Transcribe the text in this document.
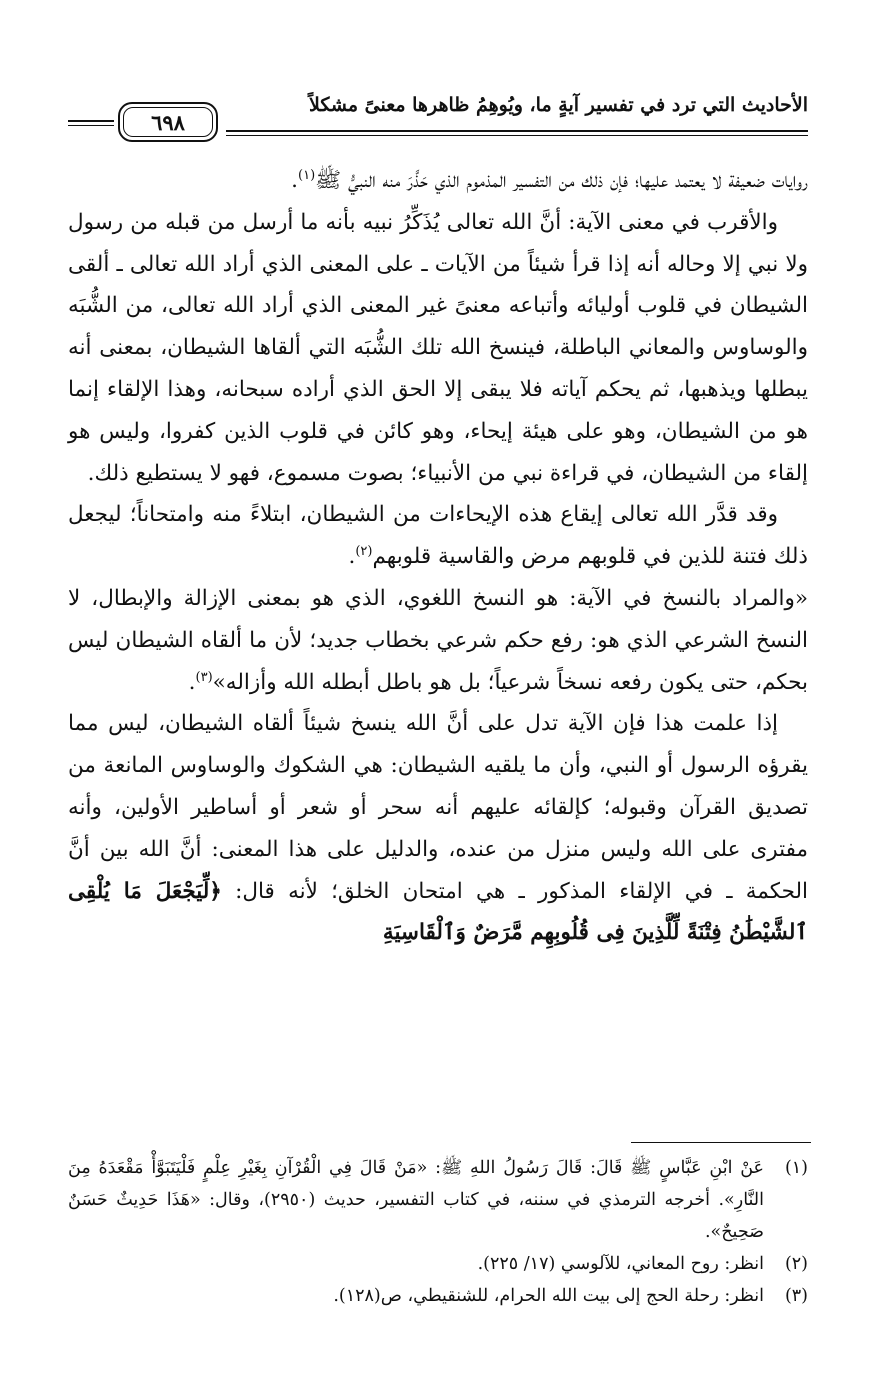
الأحاديث التي ترد في تفسير آيةٍ ما، ويُوهِمُ ظاهرها معنىً مشكلاً
٦٩٨

روايات ضعيفة لا يعتمد عليها؛ فإن ذلك من التفسير المذموم الذي حَذَّرَ منه النبيُّ ﷺ$^{(١)}$.

والأقرب في معنى الآية: أنَّ الله تعالى يُذَكِّرُ نبيه بأنه ما أرسل من قبله من رسول ولا نبي إلا وحاله أنه إذا قرأ شيئاً من الآيات ـ على المعنى الذي أراد الله تعالى ـ ألقى الشيطان في قلوب أوليائه وأتباعه معنىً غير المعنى الذي أراد الله تعالى، من الشُّبَه والوساوس والمعاني الباطلة، فينسخ الله تلك الشُّبَه التي ألقاها الشيطان، بمعنى أنه يبطلها ويذهبها، ثم يحكم آياته فلا يبقى إلا الحق الذي أراده سبحانه، وهذا الإلقاء إنما هو من الشيطان، وهو على هيئة إيحاء، وهو كائن في قلوب الذين كفروا، وليس هو إلقاء من الشيطان، في قراءة نبي من الأنبياء؛ بصوت مسموع، فهو لا يستطيع ذلك.

وقد قدَّر الله تعالى إيقاع هذه الإيحاءات من الشيطان، ابتلاءً منه وامتحاناً؛ ليجعل ذلك فتنة للذين في قلوبهم مرض والقاسية قلوبهم$^{(٢)}$.

«والمراد بالنسخ في الآية: هو النسخ اللغوي، الذي هو بمعنى الإزالة والإبطال، لا النسخ الشرعي الذي هو: رفع حكم شرعي بخطاب جديد؛ لأن ما ألقاه الشيطان ليس بحكم، حتى يكون رفعه نسخاً شرعياً؛ بل هو باطل أبطله الله وأزاله»$^{(٣)}$.

إذا علمت هذا فإن الآية تدل على أنَّ الله ينسخ شيئاً ألقاه الشيطان، ليس مما يقرؤه الرسول أو النبي، وأن ما يلقيه الشيطان: هي الشكوك والوساوس المانعة من تصديق القرآن وقبوله؛ كإلقائه عليهم أنه سحر أو شعر أو أساطير الأولين، وأنه مفترى على الله وليس منزل من عنده، والدليل على هذا المعنى: أنَّ الله بين أنَّ الحكمة ـ في الإلقاء المذكور ـ هي امتحان الخلق؛ لأنه قال: ﴿لِّيَجْعَلَ مَا يُلْقِى ٱلشَّيْطَٰنُ فِتْنَةً لِّلَّذِينَ فِى قُلُوبِهِم مَّرَضٌ وَٱلْقَاسِيَةِ

(١)
عَنْ ابْنِ عَبَّاسٍ ﷺ قَالَ: قَالَ رَسُولُ اللهِ ﷺ: «مَنْ قَالَ فِي الْقُرْآنِ بِغَيْرِ عِلْمٍ فَلْيَتَبَوَّأْ مَقْعَدَهُ مِنَ النَّارِ». أخرجه الترمذي في سننه، في كتاب التفسير، حديث (٢٩٥٠)، وقال: «هَذَا حَدِيثٌ حَسَنٌ صَحِيحٌ».

(٢)
انظر: روح المعاني، للآلوسي (١٧/ ٢٢٥).

(٣)
انظر: رحلة الحج إلى بيت الله الحرام، للشنقيطي، ص(١٢٨).
